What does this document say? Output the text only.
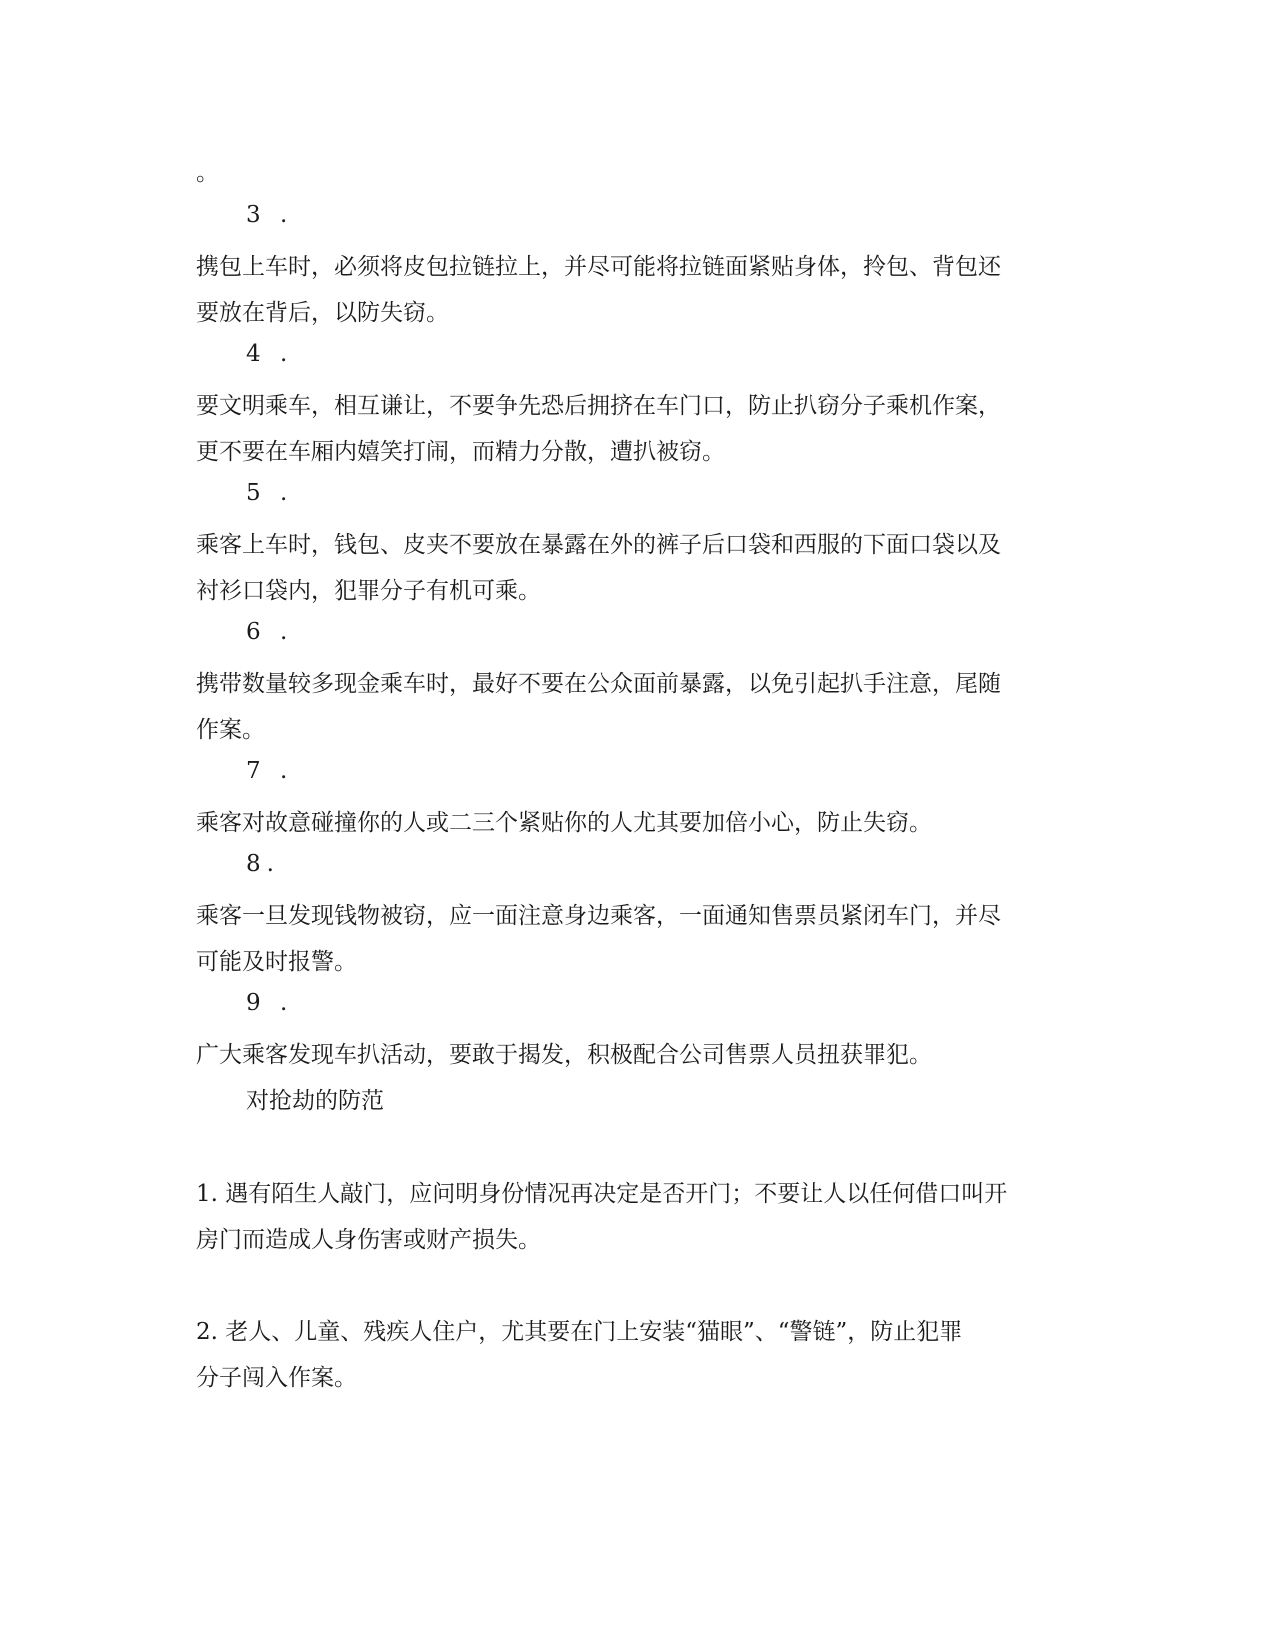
。
3 .
携包上车时，必须将皮包拉链拉上，并尽可能将拉链面紧贴身体，拎包、背包还
要放在背后，以防失窃。
4 .
要文明乘车，相互谦让，不要争先恐后拥挤在车门口，防止扒窃分子乘机作案，
更不要在车厢内嬉笑打闹，而精力分散，遭扒被窃。
5 .
乘客上车时，钱包、皮夹不要放在暴露在外的裤子后口袋和西服的下面口袋以及
衬衫口袋内，犯罪分子有机可乘。
6 .
携带数量较多现金乘车时，最好不要在公众面前暴露，以免引起扒手注意，尾随
作案。
7 .
乘客对故意碰撞你的人或二三个紧贴你的人尤其要加倍小心，防止失窃。
8.
乘客一旦发现钱物被窃，应一面注意身边乘客，一面通知售票员紧闭车门，并尽
可能及时报警。
9 .
广大乘客发现车扒活动，要敢于揭发，积极配合公司售票人员扭获罪犯。
对抢劫的防范
1. 遇有陌生人敲门，应问明身份情况再决定是否开门；不要让人以任何借口叫开
房门而造成人身伤害或财产损失。
2. 老人、儿童、残疾人住户，尤其要在门上安装“猫眼”、“警链”，防止犯罪
分子闯入作案。
